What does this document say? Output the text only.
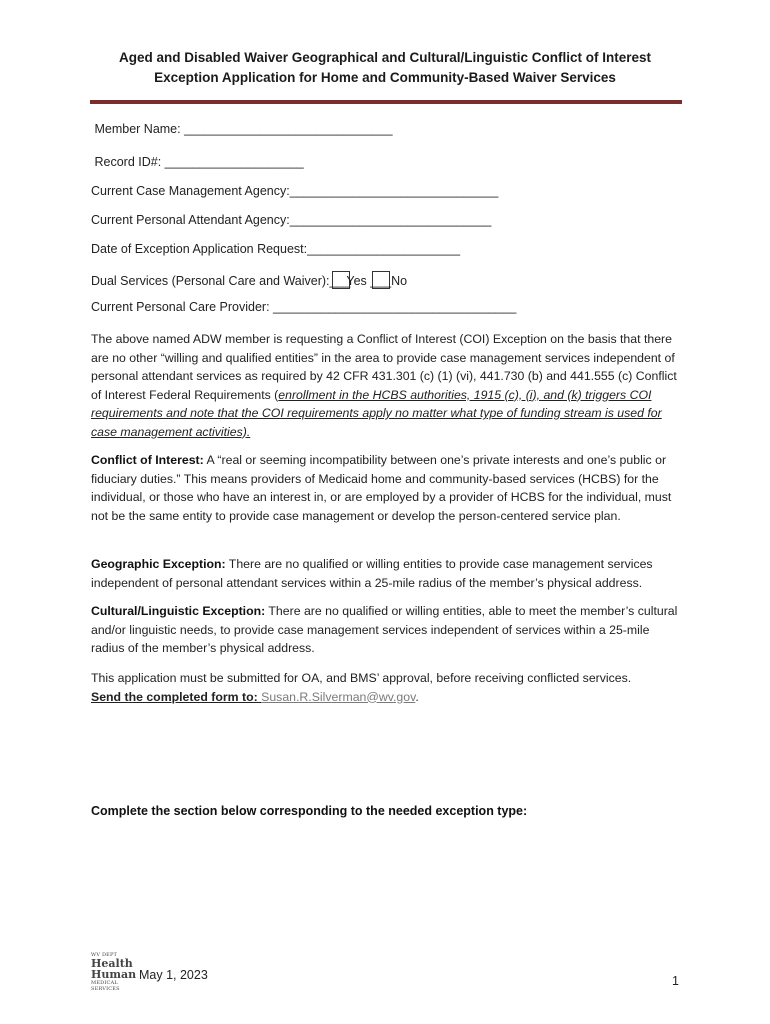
Aged and Disabled Waiver Geographical and Cultural/Linguistic Conflict of Interest
Exception Application for Home and Community-Based Waiver Services
Member Name: ______________________________
Record ID#: ____________________
Current Case Management Agency:______________________________
Current Personal Attendant Agency:_____________________________
Date of Exception Application Request:______________________
Dual Services (Personal Care and Waiver):___Yes ___No
Current Personal Care Provider: ___________________________________
The above named ADW member is requesting a Conflict of Interest (COI) Exception on the basis that there are no other “willing and qualified entities” in the area to provide case management services independent of personal attendant services as required by 42 CFR 431.301 (c) (1) (vi), 441.730 (b) and 441.555 (c) Conflict of Interest Federal Requirements (enrollment in the HCBS authorities, 1915 (c), (i), and (k) triggers COI requirements and note that the COI requirements apply no matter what type of funding stream is used for case management activities).
Conflict of Interest: A “real or seeming incompatibility between one’s private interests and one’s public or fiduciary duties.” This means providers of Medicaid home and community-based services (HCBS) for the individual, or those who have an interest in, or are employed by a provider of HCBS for the individual, must not be the same entity to provide case management or develop the person-centered service plan.
Geographic Exception: There are no qualified or willing entities to provide case management services independent of personal attendant services within a 25-mile radius of the member’s physical address.
Cultural/Linguistic Exception: There are no qualified or willing entities, able to meet the member’s cultural and/or linguistic needs, to provide case management services independent of services within a 25-mile radius of the member’s physical address.
This application must be submitted for OA, and BMS’ approval, before receiving conflicted services.
Send the completed form to: Susan.R.Silverman@wv.gov.
Complete the section below corresponding to the needed exception type:
WV DEPT
Health
Human
MEDICAL SERVICES
May 1, 2023	1
